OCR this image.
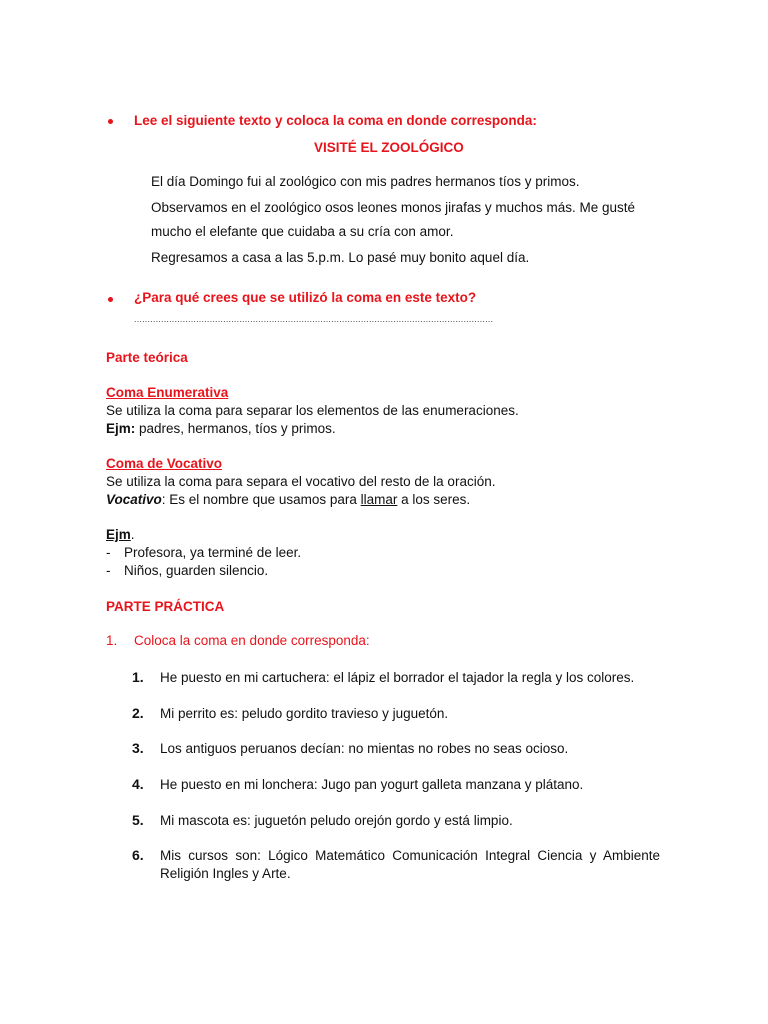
Lee el siguiente texto y coloca la coma en donde corresponda:
VISITÉ EL ZOOLÓGICO
El día Domingo fui al zoológico con mis padres hermanos tíos y primos.
Observamos en el zoológico osos leones monos jirafas y muchos más. Me gusté
mucho el elefante que cuidaba a su cría con amor.
Regresamos a casa a las 5.p.m. Lo pasé muy bonito aquel día.
¿Para qué crees que se utilizó la coma en este texto?
.....................................................................................................................................
Parte teórica
Coma Enumerativa
Se utiliza la coma para separar los elementos de las enumeraciones.
Ejm: padres, hermanos, tíos y primos.
Coma de Vocativo
Se utiliza la coma para separa el vocativo del resto de la oración.
Vocativo: Es el nombre que usamos para llamar a los seres.
Ejm.
- Profesora, ya terminé de leer.
- Niños, guarden silencio.
PARTE PRÁCTICA
1. Coloca la coma en donde corresponda:
1. He puesto en mi cartuchera: el lápiz el borrador el tajador la regla y los colores.
2. Mi perrito es: peludo gordito travieso y juguetón.
3. Los antiguos peruanos decían: no mientas no robes no seas ocioso.
4. He puesto en mi lonchera: Jugo pan yogurt galleta manzana y plátano.
5. Mi mascota es: juguetón peludo orejón gordo y está limpio.
6. Mis cursos son: Lógico Matemático Comunicación Integral Ciencia y Ambiente Religión Ingles y Arte.
